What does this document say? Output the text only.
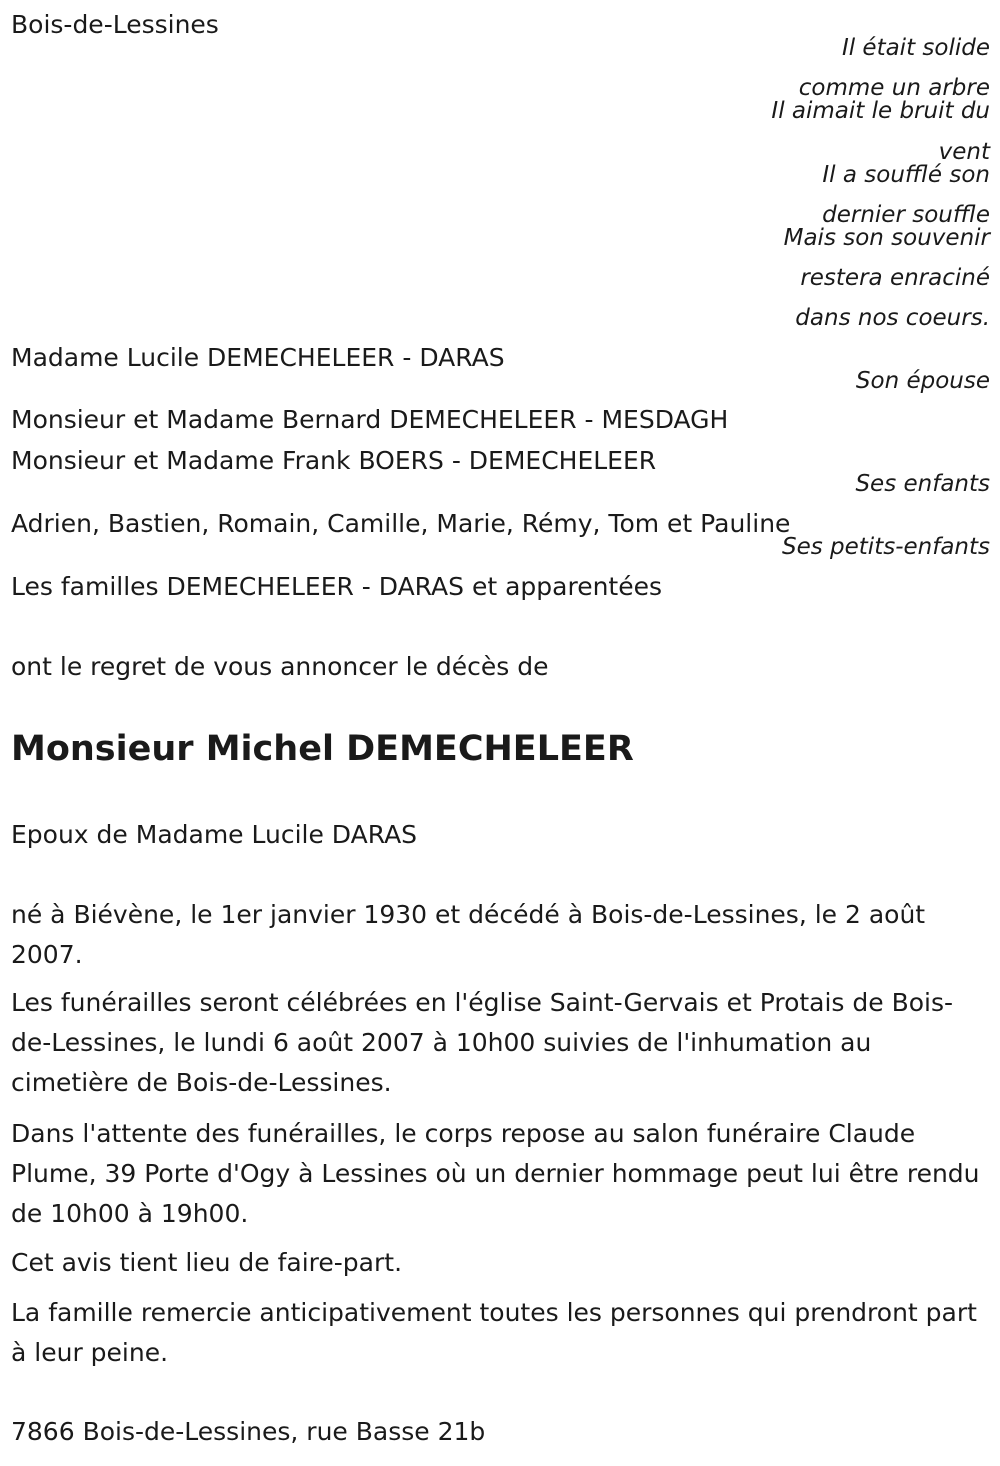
Bois-de-Lessines
Il était solide
comme un arbre
Il aimait le bruit du
vent
Il a soufflé son
dernier souffle
Mais son souvenir
restera enraciné
dans nos coeurs.
Madame Lucile DEMECHELEER - DARAS
Son épouse
Monsieur et Madame Bernard DEMECHELEER - MESDAGH
Monsieur et Madame Frank BOERS - DEMECHELEER
Ses enfants
Adrien, Bastien, Romain, Camille, Marie, Rémy, Tom et Pauline
Ses petits-enfants
Les familles DEMECHELEER - DARAS et apparentées
ont le regret de vous annoncer le décès de
Monsieur Michel DEMECHELEER
Epoux de Madame Lucile DARAS
né à Biévène, le 1er janvier 1930 et décédé à Bois-de-Lessines, le 2 août 2007.
Les funérailles seront célébrées en l'église Saint-Gervais et Protais de Bois-de-Lessines, le lundi 6 août 2007 à 10h00 suivies de l'inhumation au cimetière de Bois-de-Lessines.
Dans l'attente des funérailles, le corps repose au salon funéraire Claude Plume, 39 Porte d'Ogy à Lessines où un dernier hommage peut lui être rendu de 10h00 à 19h00.
Cet avis tient lieu de faire-part.
La famille remercie anticipativement toutes les personnes qui prendront part à leur peine.
7866 Bois-de-Lessines, rue Basse 21b
